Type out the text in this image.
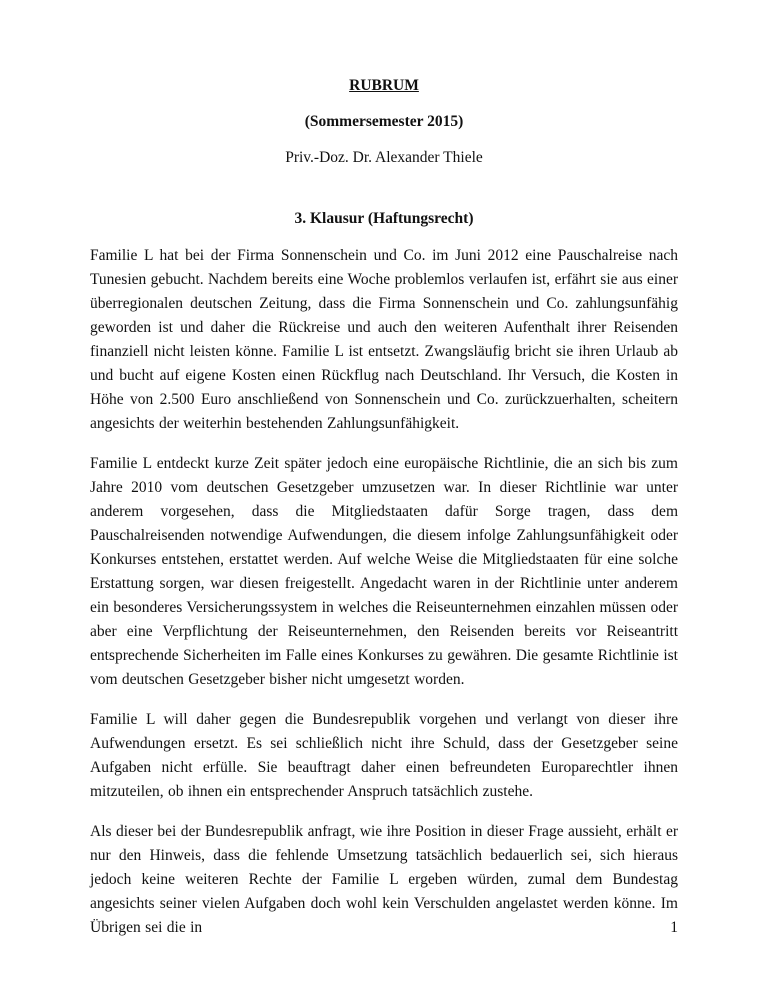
RUBRUM

(Sommersemester 2015)

Priv.-Doz. Dr. Alexander Thiele

3. Klausur (Haftungsrecht)

Familie L hat bei der Firma Sonnenschein und Co. im Juni 2012 eine Pauschalreise nach Tunesien gebucht. Nachdem bereits eine Woche problemlos verlaufen ist, erfährt sie aus einer überregionalen deutschen Zeitung, dass die Firma Sonnenschein und Co. zahlungsunfähig geworden ist und daher die Rückreise und auch den weiteren Aufenthalt ihrer Reisenden finanziell nicht leisten könne. Familie L ist entsetzt. Zwangsläufig bricht sie ihren Urlaub ab und bucht auf eigene Kosten einen Rückflug nach Deutschland. Ihr Versuch, die Kosten in Höhe von 2.500 Euro anschließend von Sonnenschein und Co. zurückzuerhalten, scheitern angesichts der weiterhin bestehenden Zahlungsunfähigkeit.

Familie L entdeckt kurze Zeit später jedoch eine europäische Richtlinie, die an sich bis zum Jahre 2010 vom deutschen Gesetzgeber umzusetzen war. In dieser Richtlinie war unter anderem vorgesehen, dass die Mitgliedstaaten dafür Sorge tragen, dass dem Pauschalreisenden notwendige Aufwendungen, die diesem infolge Zahlungsunfähigkeit oder Konkurses entstehen, erstattet werden. Auf welche Weise die Mitgliedstaaten für eine solche Erstattung sorgen, war diesen freigestellt. Angedacht waren in der Richtlinie unter anderem ein besonderes Versicherungssystem in welches die Reiseunternehmen einzahlen müssen oder aber eine Verpflichtung der Reiseunternehmen, den Reisenden bereits vor Reiseantritt entsprechende Sicherheiten im Falle eines Konkurses zu gewähren. Die gesamte Richtlinie ist vom deutschen Gesetzgeber bisher nicht umgesetzt worden.

Familie L will daher gegen die Bundesrepublik vorgehen und verlangt von dieser ihre Aufwendungen ersetzt. Es sei schließlich nicht ihre Schuld, dass der Gesetzgeber seine Aufgaben nicht erfülle. Sie beauftragt daher einen befreundeten Europarechtler ihnen mitzuteilen, ob ihnen ein entsprechender Anspruch tatsächlich zustehe.

Als dieser bei der Bundesrepublik anfragt, wie ihre Position in dieser Frage aussieht, erhält er nur den Hinweis, dass die fehlende Umsetzung tatsächlich bedauerlich sei, sich hieraus jedoch keine weiteren Rechte der Familie L ergeben würden, zumal dem Bundestag angesichts seiner vielen Aufgaben doch wohl kein Verschulden angelastet werden könne. Im Übrigen sei die in	1
